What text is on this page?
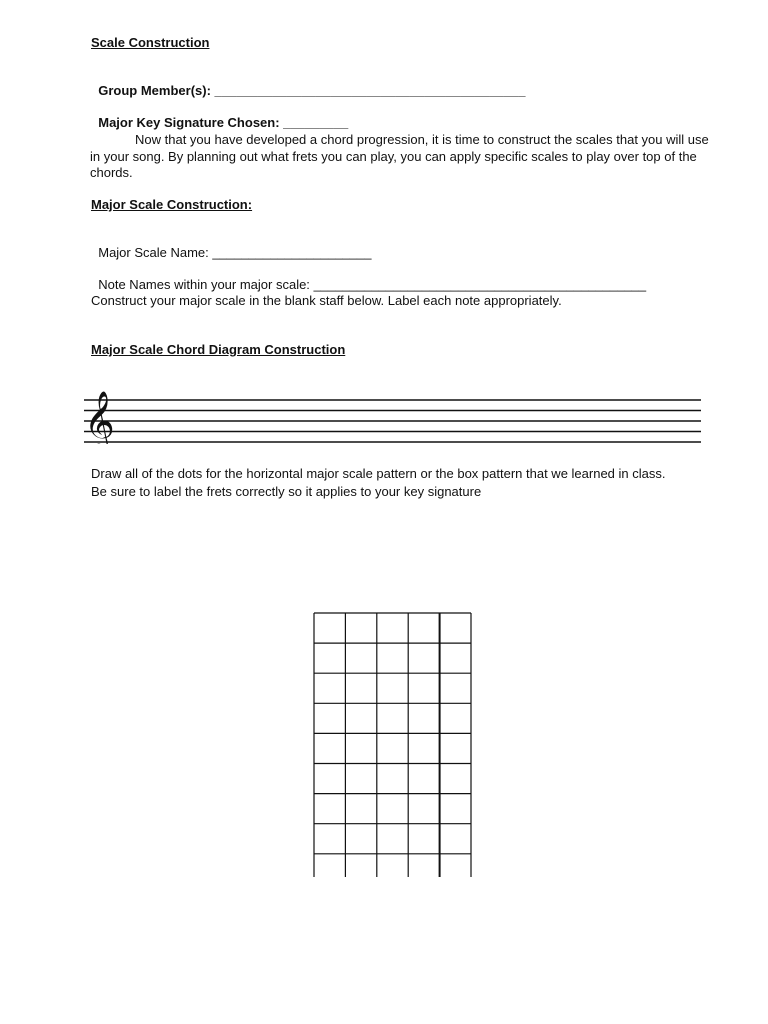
Scale Construction

Group Member(s): ___________________________________________

Major Key Signature Chosen: _________

Now that you have developed a chord progression, it is time to construct the scales that you will use in your song. By planning out what frets you can play, you can apply specific scales to play over top of the chords.
Major Scale Construction:

Major Scale Name: ______________________

Note Names within your major scale: ______________________________________________

Construct your major scale in the blank staff below. Label each note appropriately.
Major Scale Chord Diagram Construction
𝄞
Draw all of the dots for the horizontal major scale pattern or the box pattern that we learned in class.
Be sure to label the frets correctly so it applies to your key signature
